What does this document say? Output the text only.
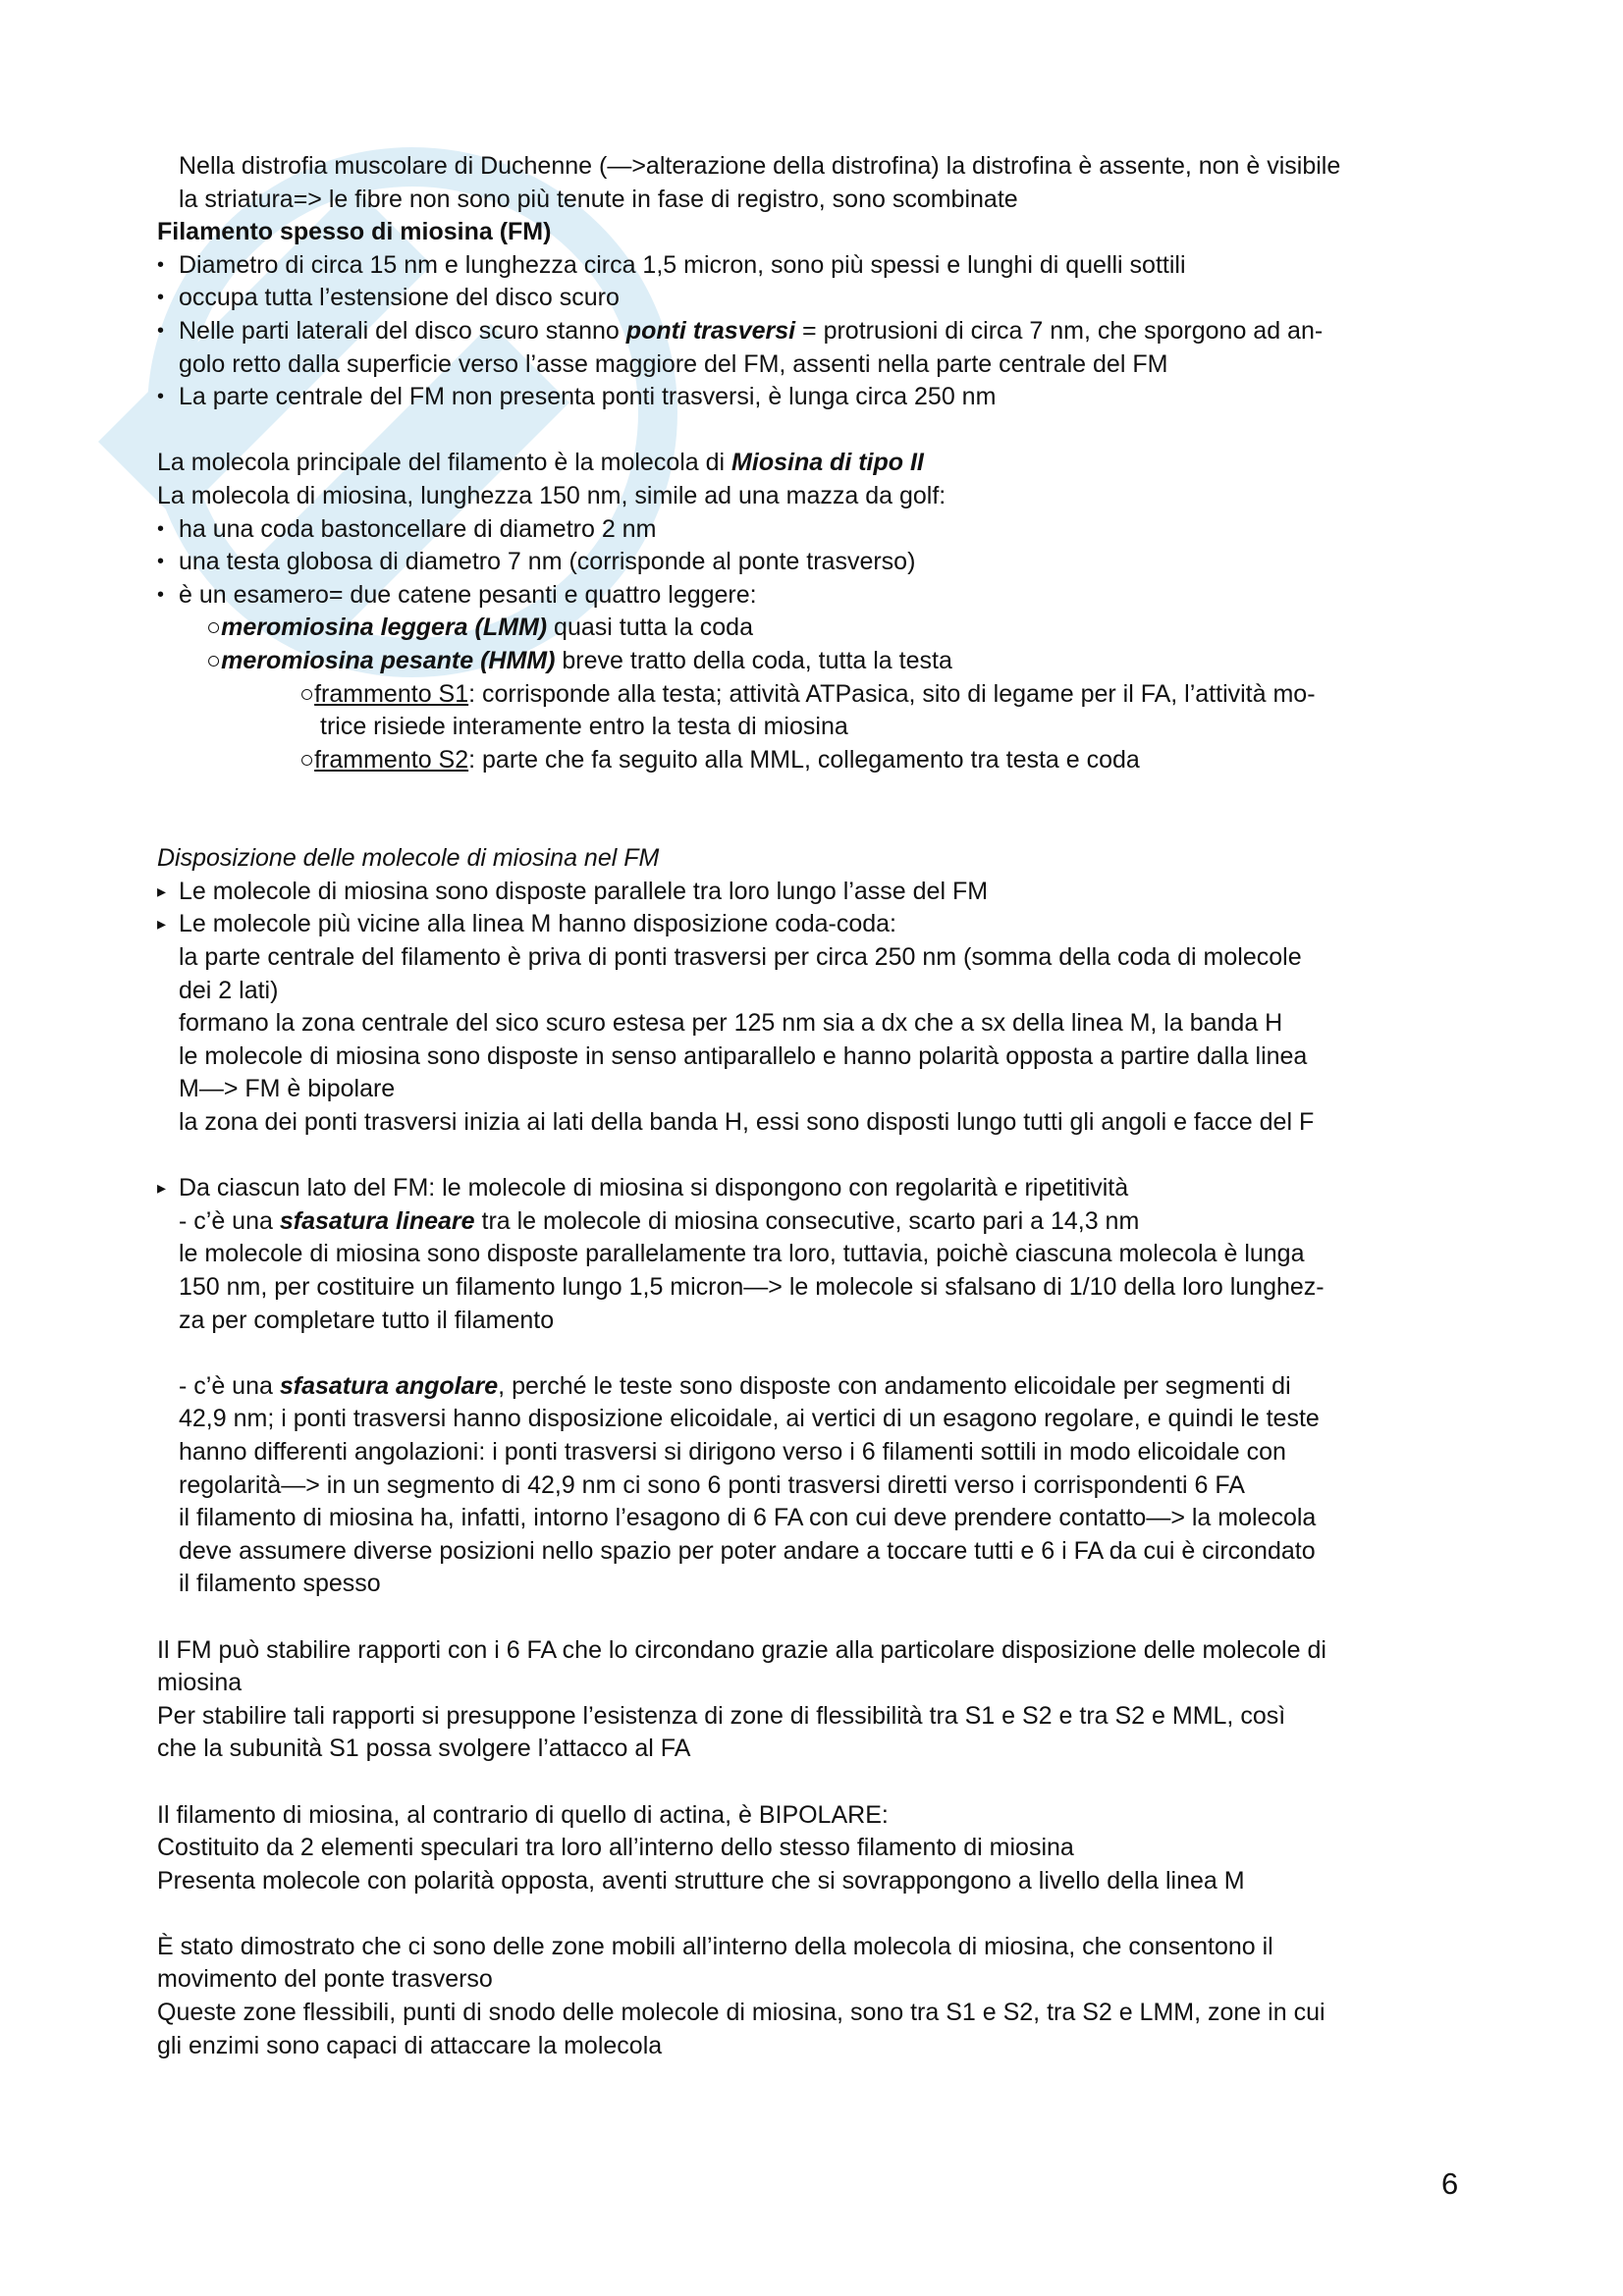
Nella distrofia muscolare di Duchenne (—>alterazione della distrofina) la distrofina è assente, non è visibile
la striatura=> le fibre non sono più tenute in fase di registro, sono scombinate
Filamento spesso di miosina (FM)
• Diametro di circa 15 nm e lunghezza circa 1,5 micron, sono più spessi e lunghi di quelli sottili
• occupa tutta l’estensione del disco scuro
• Nelle parti laterali del disco scuro stanno ponti trasversi = protrusioni di circa 7 nm, che sporgono ad an-
golo retto dalla superficie verso l’asse maggiore del FM, assenti nella parte centrale del FM
• La parte centrale del FM non presenta ponti trasversi, è lunga circa 250 nm
La molecola principale del filamento è la molecola di Miosina di tipo II
La molecola di miosina, lunghezza 150 nm, simile ad una mazza da golf:
• ha una coda bastoncellare di diametro 2 nm
• una testa globosa di diametro 7 nm (corrisponde al ponte trasverso)
• è un esamero= due catene pesanti e quattro leggere:
○meromiosina leggera (LMM) quasi tutta la coda
○meromiosina pesante (HMM) breve tratto della coda, tutta la testa
○frammento S1: corrisponde alla testa; attività ATPasica, sito di legame per il FA, l’attività mo-
trice risiede interamente entro la testa di miosina
○frammento S2: parte che fa seguito alla MML, collegamento tra testa e coda
Disposizione delle molecole di miosina nel FM
▸ Le molecole di miosina sono disposte parallele tra loro lungo l’asse del FM
▸ Le molecole più vicine alla linea M hanno disposizione coda-coda:
la parte centrale del filamento è priva di ponti trasversi per circa 250 nm (somma della coda di molecole
dei 2 lati)
formano la zona centrale del sico scuro estesa per 125 nm sia a dx che a sx della linea M, la banda H
le molecole di miosina sono disposte in senso antiparallelo e hanno polarità opposta a partire dalla linea
M—> FM è bipolare
la zona dei ponti trasversi inizia ai lati della banda H, essi sono disposti lungo tutti gli angoli e facce del F
▸ Da ciascun lato del FM: le molecole di miosina si dispongono con regolarità e ripetitività
- c’è una sfasatura lineare tra le molecole di miosina consecutive, scarto pari a 14,3 nm
le molecole di miosina sono disposte parallelamente tra loro, tuttavia, poichè ciascuna molecola è lunga
150 nm, per costituire un filamento lungo 1,5 micron—> le molecole si sfalsano di 1/10 della loro lunghez-
za per completare tutto il filamento
- c’è una sfasatura angolare, perché le teste sono disposte con andamento elicoidale per segmenti di
42,9 nm; i ponti trasversi hanno disposizione elicoidale, ai vertici di un esagono regolare, e quindi le teste
hanno differenti angolazioni: i ponti trasversi si dirigono verso i 6 filamenti sottili in modo elicoidale con
regolarità—> in un segmento di 42,9 nm ci sono 6 ponti trasversi diretti verso i corrispondenti 6 FA
il filamento di miosina ha, infatti, intorno l’esagono di 6 FA con cui deve prendere contatto—> la molecola
deve assumere diverse posizioni nello spazio per poter andare a toccare tutti e 6 i FA da cui è circondato
il filamento spesso
Il FM può stabilire rapporti con i 6 FA che lo circondano grazie alla particolare disposizione delle molecole di
miosina
Per stabilire tali rapporti si presuppone l’esistenza di zone di flessibilità tra S1 e S2 e tra S2 e MML, così
che la subunità S1 possa svolgere l’attacco al FA
Il filamento di miosina, al contrario di quello di actina, è BIPOLARE:
Costituito da 2 elementi speculari tra loro all’interno dello stesso filamento di miosina
Presenta molecole con polarità opposta, aventi strutture che si sovrappongono a livello della linea M
È stato dimostrato che ci sono delle zone mobili all’interno della molecola di miosina, che consentono il
movimento del ponte trasverso
Queste zone flessibili, punti di snodo delle molecole di miosina, sono tra S1 e S2, tra S2 e LMM, zone in cui
gli enzimi sono capaci di attaccare la molecola
6
